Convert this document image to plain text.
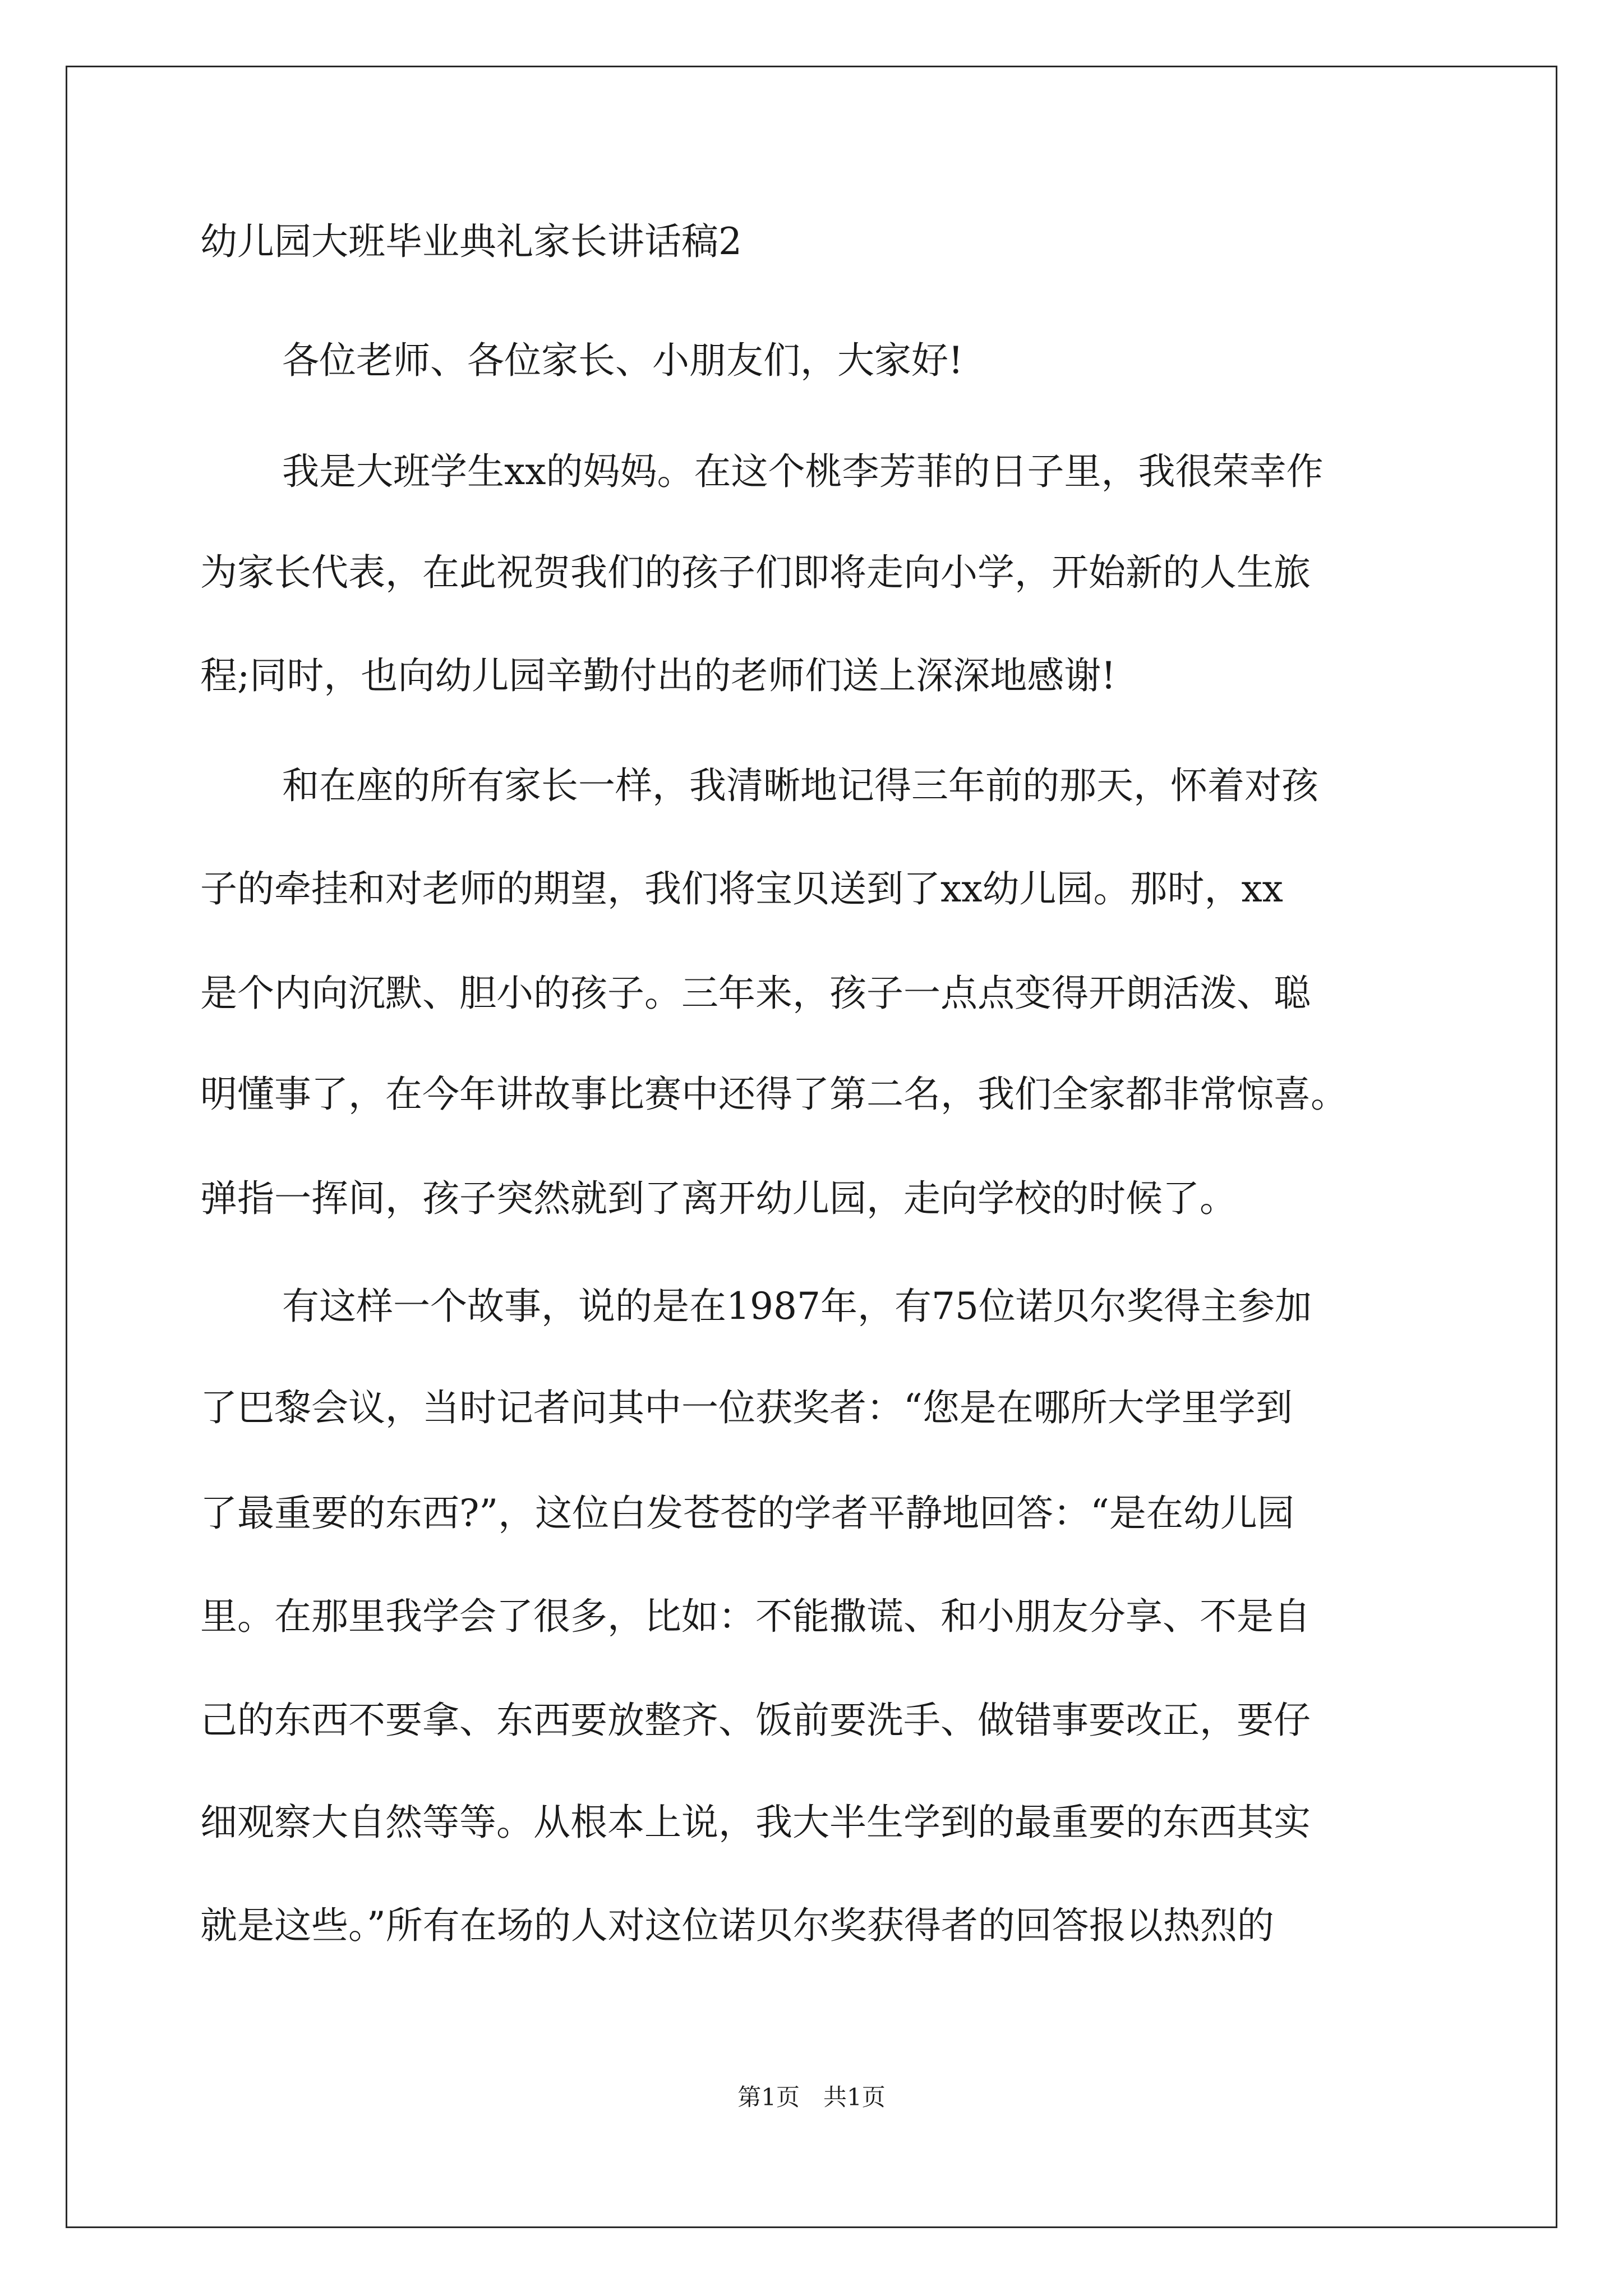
幼儿园大班毕业典礼家长讲话稿2

各位老师、各位家长、小朋友们，大家好!

我是大班学生xx的妈妈。在这个桃李芳菲的日子里，我很荣幸作

为家长代表，在此祝贺我们的孩子们即将走向小学，开始新的人生旅

程;同时，也向幼儿园辛勤付出的老师们送上深深地感谢!

和在座的所有家长一样，我清晰地记得三年前的那天，怀着对孩

子的牵挂和对老师的期望，我们将宝贝送到了xx幼儿园。那时，xx

是个内向沉默、胆小的孩子。三年来，孩子一点点变得开朗活泼、聪

明懂事了，在今年讲故事比赛中还得了第二名，我们全家都非常惊喜。

弹指一挥间，孩子突然就到了离开幼儿园，走向学校的时候了。

有这样一个故事，说的是在1987年，有75位诺贝尔奖得主参加

了巴黎会议，当时记者问其中一位获奖者：“您是在哪所大学里学到

了最重要的东西?”，这位白发苍苍的学者平静地回答：“是在幼儿园

里。在那里我学会了很多，比如：不能撒谎、和小朋友分享、不是自

己的东西不要拿、东西要放整齐、饭前要洗手、做错事要改正，要仔

细观察大自然等等。从根本上说，我大半生学到的最重要的东西其实

就是这些。”所有在场的人对这位诺贝尔奖获得者的回答报以热烈的

第1页　共1页
